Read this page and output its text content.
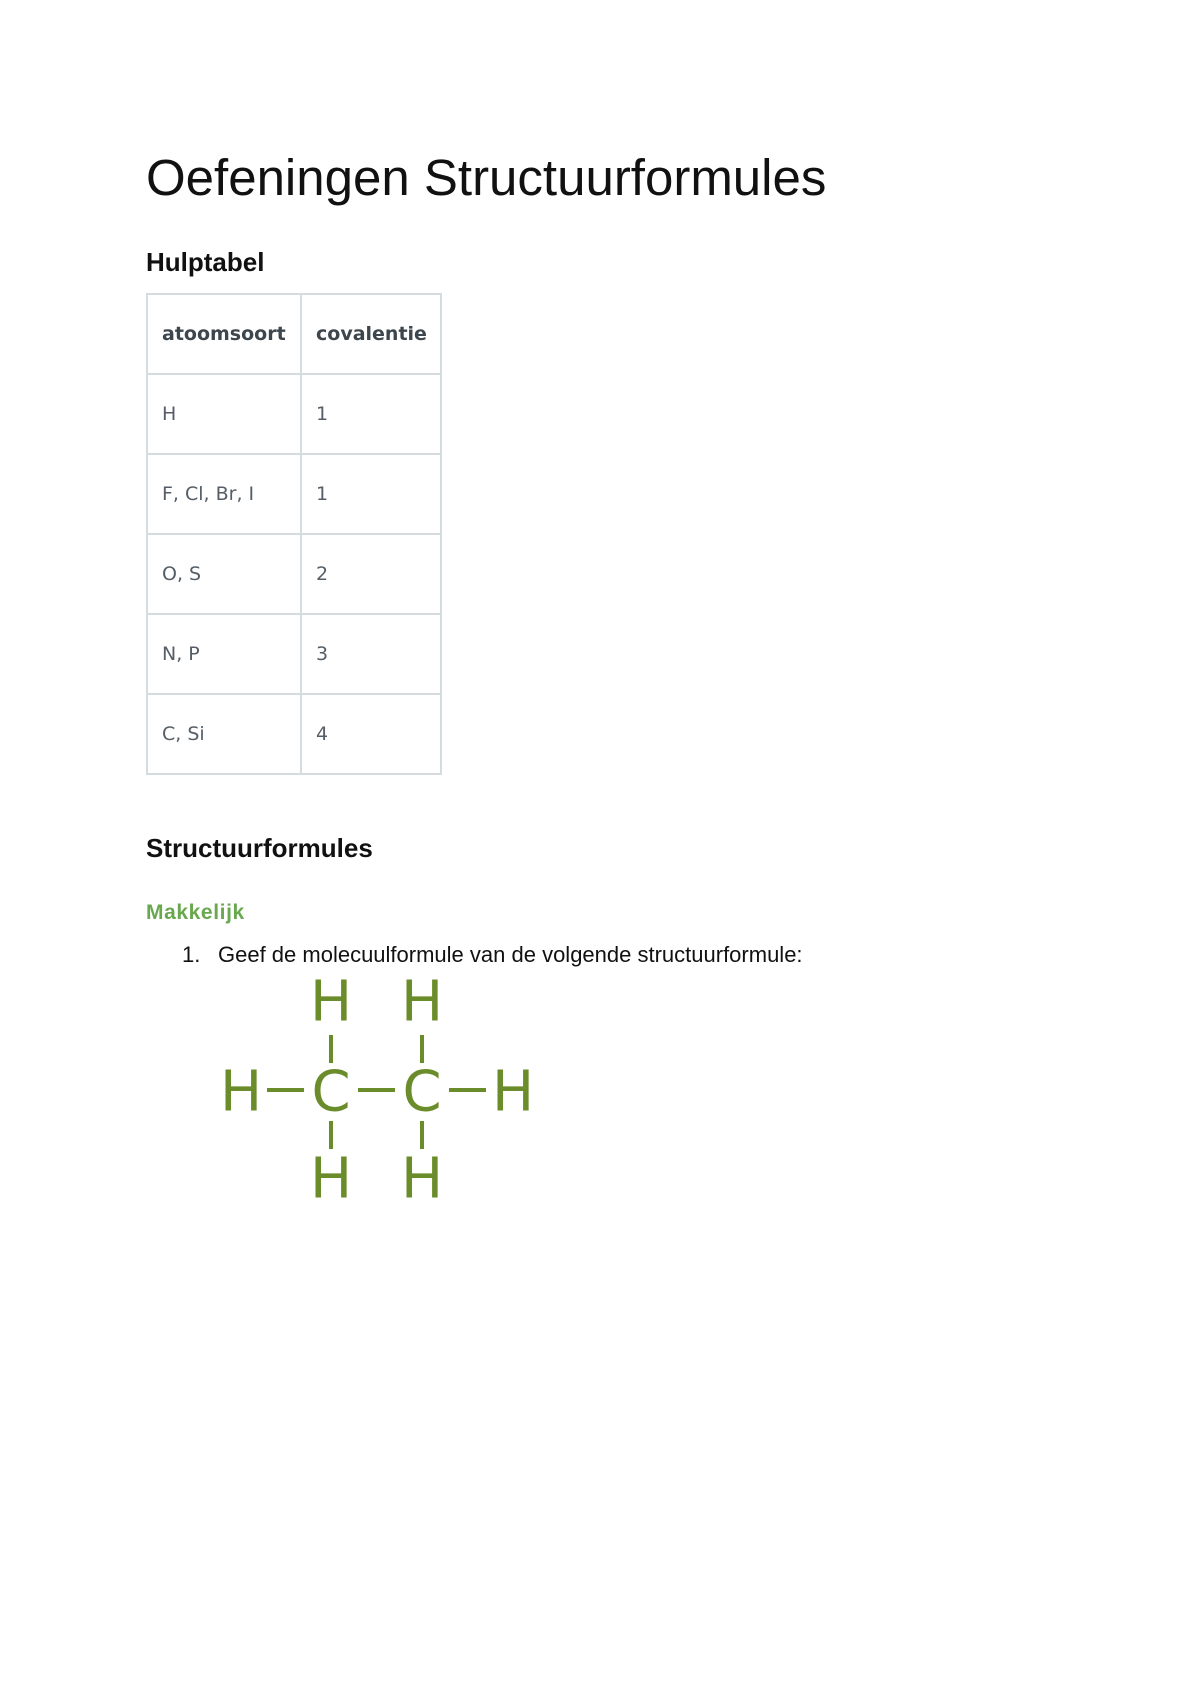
Oefeningen Structuurformules
Hulptabel
atoomsoort	covalentie
H	1
F, Cl, Br, I	1
O, S	2
N, P	3
C, Si	4
Structuurformules
Makkelijk
1. Geef de molecuulformule van de volgende structuurformule:
H H
H C C H
H H
